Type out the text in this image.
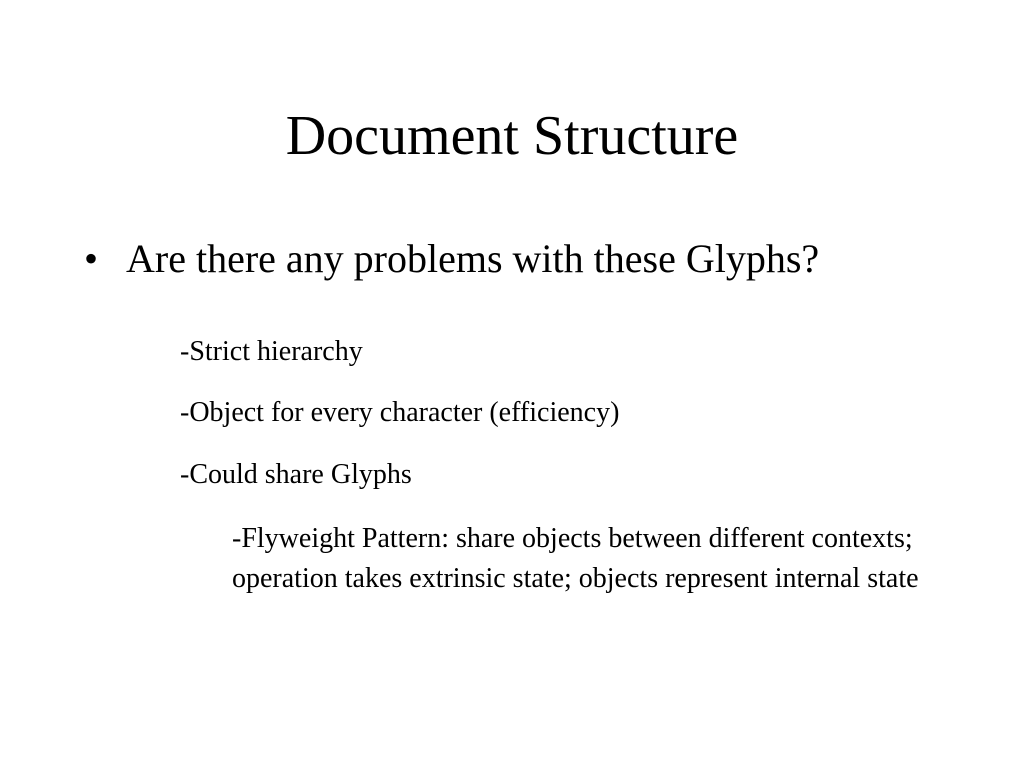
Document Structure
• Are there any problems with these Glyphs?
-Strict hierarchy
-Object for every character (efficiency)
-Could share Glyphs
-Flyweight Pattern: share objects between different contexts; operation takes extrinsic state; objects represent internal state
